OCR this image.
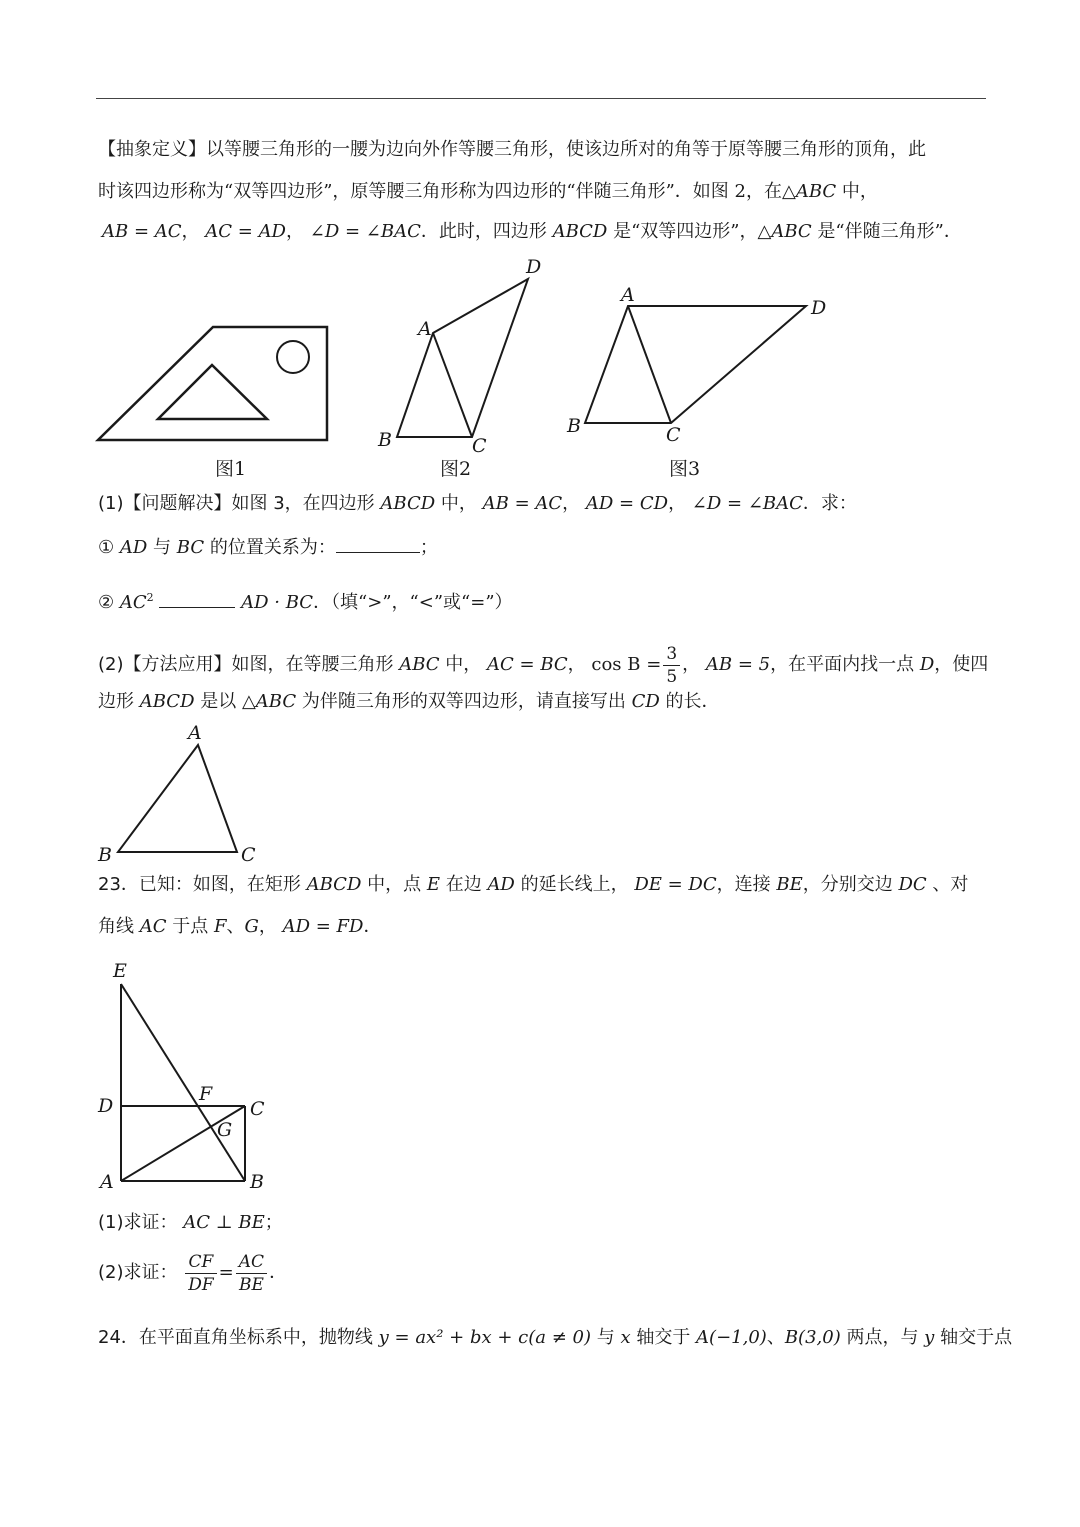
【抽象定义】以等腰三角形的一腰为边向外作等腰三角形，使该边所对的角等于原等腰三角形的顶角，此
时该四边形称为“双等四边形”，原等腰三角形称为四边形的“伴随三角形”．如图 2，在△ABC 中，
AB = AC， AC = AD， ∠D = ∠BAC．此时，四边形 ABCD 是“双等四边形”，△ABC 是“伴随三角形”．
A
D
B	C
A
D
B	C
图1	图2	图3
(1)【问题解决】如图 3，在四边形 ABCD 中， AB = AC， AD = CD， ∠D = ∠BAC．求：
① AD 与 BC 的位置关系为：	；
② $AC^2$	AD · BC．（填“>”，“<”或“=”）
(2)【方法应用】如图，在等腰三角形 ABC 中， AC = BC， $\cos B = \frac{3}{5}$ ， AB = 5，在平面内找一点 D，使四
边形 ABCD 是以 △ABC 为伴随三角形的双等四边形，请直接写出 CD 的长．
A
B	C
23．已知：如图，在矩形 ABCD 中，点 E 在边 AD 的延长线上， DE = DC，连接 BE，分别交边 DC 、对
角线 AC 于点 F、G， AD = FD．
E
D
F
C
G
A	B
(1)求证： AC ⊥ BE；
(2)求证： $\frac{CF}{DF} = \frac{AC}{BE}$ ．
24．在平面直角坐标系中，抛物线 y = ax² + bx + c(a ≠ 0) 与 x 轴交于 A(−1,0)、B(3,0) 两点，与 y 轴交于点
